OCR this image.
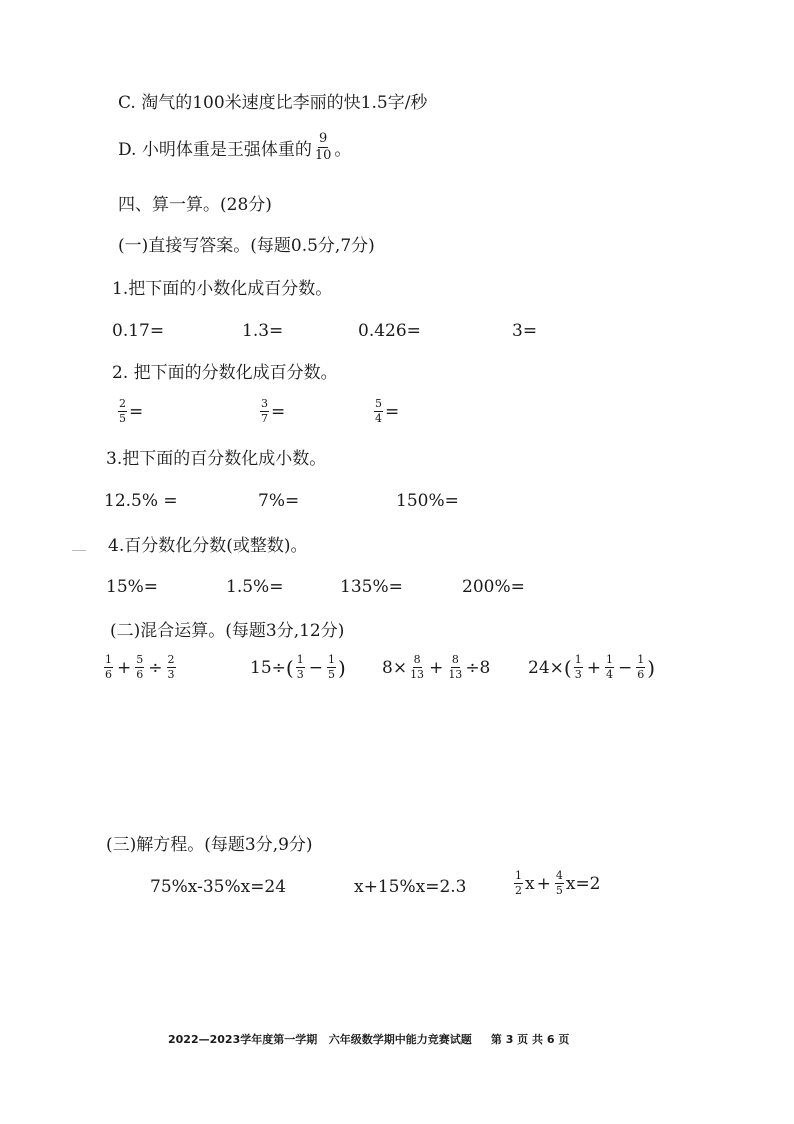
C. 淘气的100米速度比李丽的快1.5字/秒
D. 小明体重是王强体重的 $\frac{9}{10}$ 。
四、算一算。(28分)
(一)直接写答案。(每题0.5分,7分)
1.把下面的小数化成百分数。
0.17=	1.3=	0.426=	3=
2. 把下面的分数化成百分数。
$\frac{2}{5}$ =	$\frac{3}{7}$ =	$\frac{5}{4}$ =
3.把下面的百分数化成小数。
12.5% =	7%=	150%=
4.百分数化分数(或整数)。
15%=	1.5%=	135%=	200%=
(二)混合运算。(每题3分,12分)
$\frac{1}{6} + \frac{5}{6} \div \frac{2}{3}$	15÷ ( $\frac{1}{3} - \frac{1}{5}$ ) $8\times \frac{8}{13} + \frac{8}{13} \div 8$ 24× ( $\frac{1}{3} + \frac{1}{4} - \frac{1}{6}$ )
(三)解方程。(每题3分,9分)
75%x-35%x=24	x+15%x=2.3	$\frac{1}{2}$ $x + \frac{4}{5}$ x =2
2022—2023学年度第一学期   六年级数学期中能力竞赛试题     第 3 页 共 6 页
